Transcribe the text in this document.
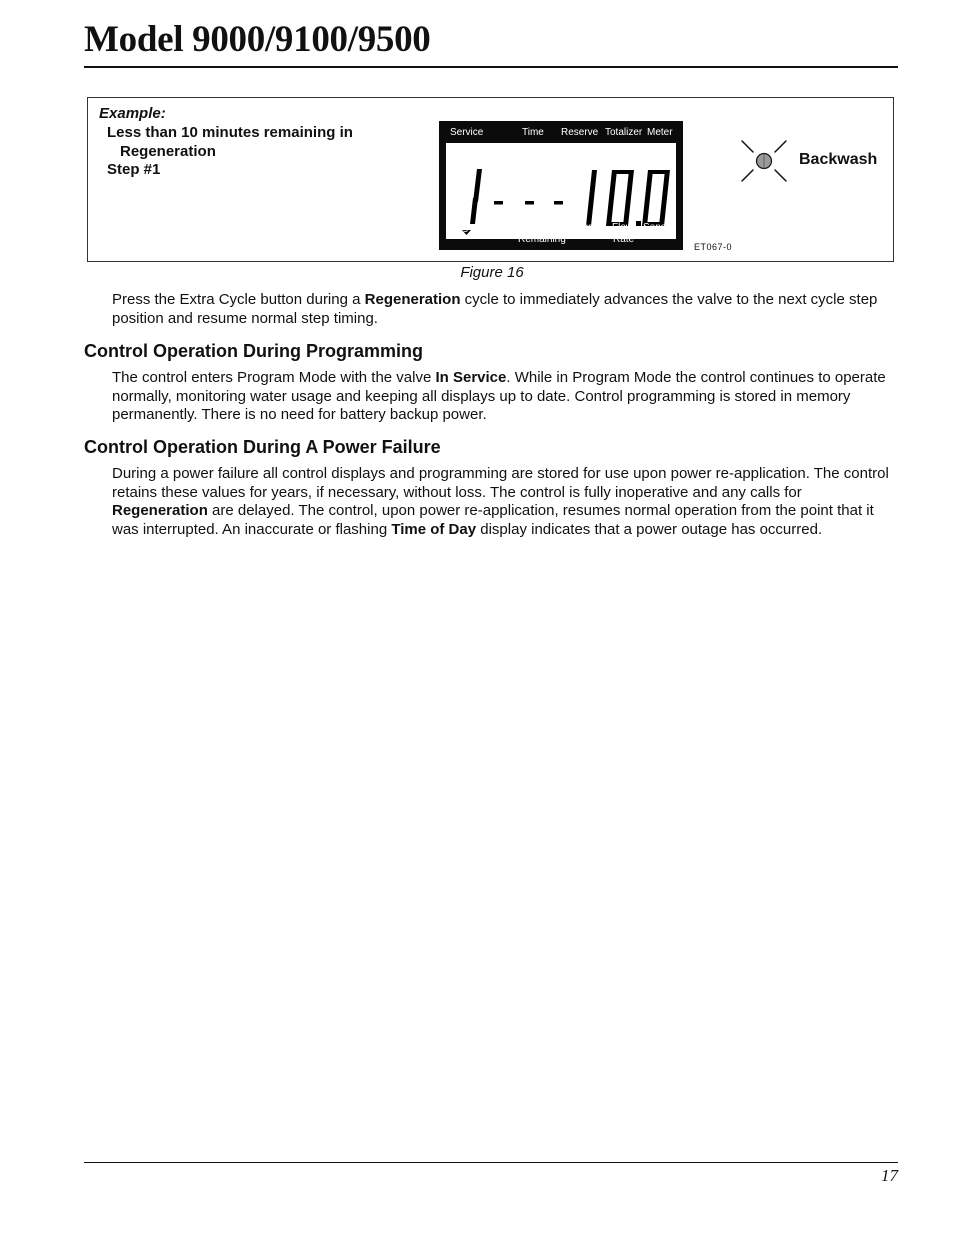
Model 9000/9100/9500
Example:
Less than 10 minutes remaining in
Regeneration
Step #1
Service	Time Reserve Totalizer Meter
Regen Lockout Volume
Remaining
Program Flow
Rate
Sensor
ET067-0
Backwash
Figure 16

Press the Extra Cycle button during a Regeneration cycle to immediately advances the valve to the next cycle step position and resume normal step timing.

Control Operation During Programming

The control enters Program Mode with the valve In Service. While in Program Mode the control continues to operate normally, monitoring water usage and keeping all displays up to date. Control programming is stored in memory permanently. There is no need for battery backup power.

Control Operation During A Power Failure

During a power failure all control displays and programming are stored for use upon power re-application. The control retains these values for years, if necessary, without loss. The control is fully inoperative and any calls for Regeneration are delayed. The control, upon power re-application, resumes normal operation from the point that it was interrupted. An inaccurate or flashing Time of Day display indicates that a power outage has occurred.

17
